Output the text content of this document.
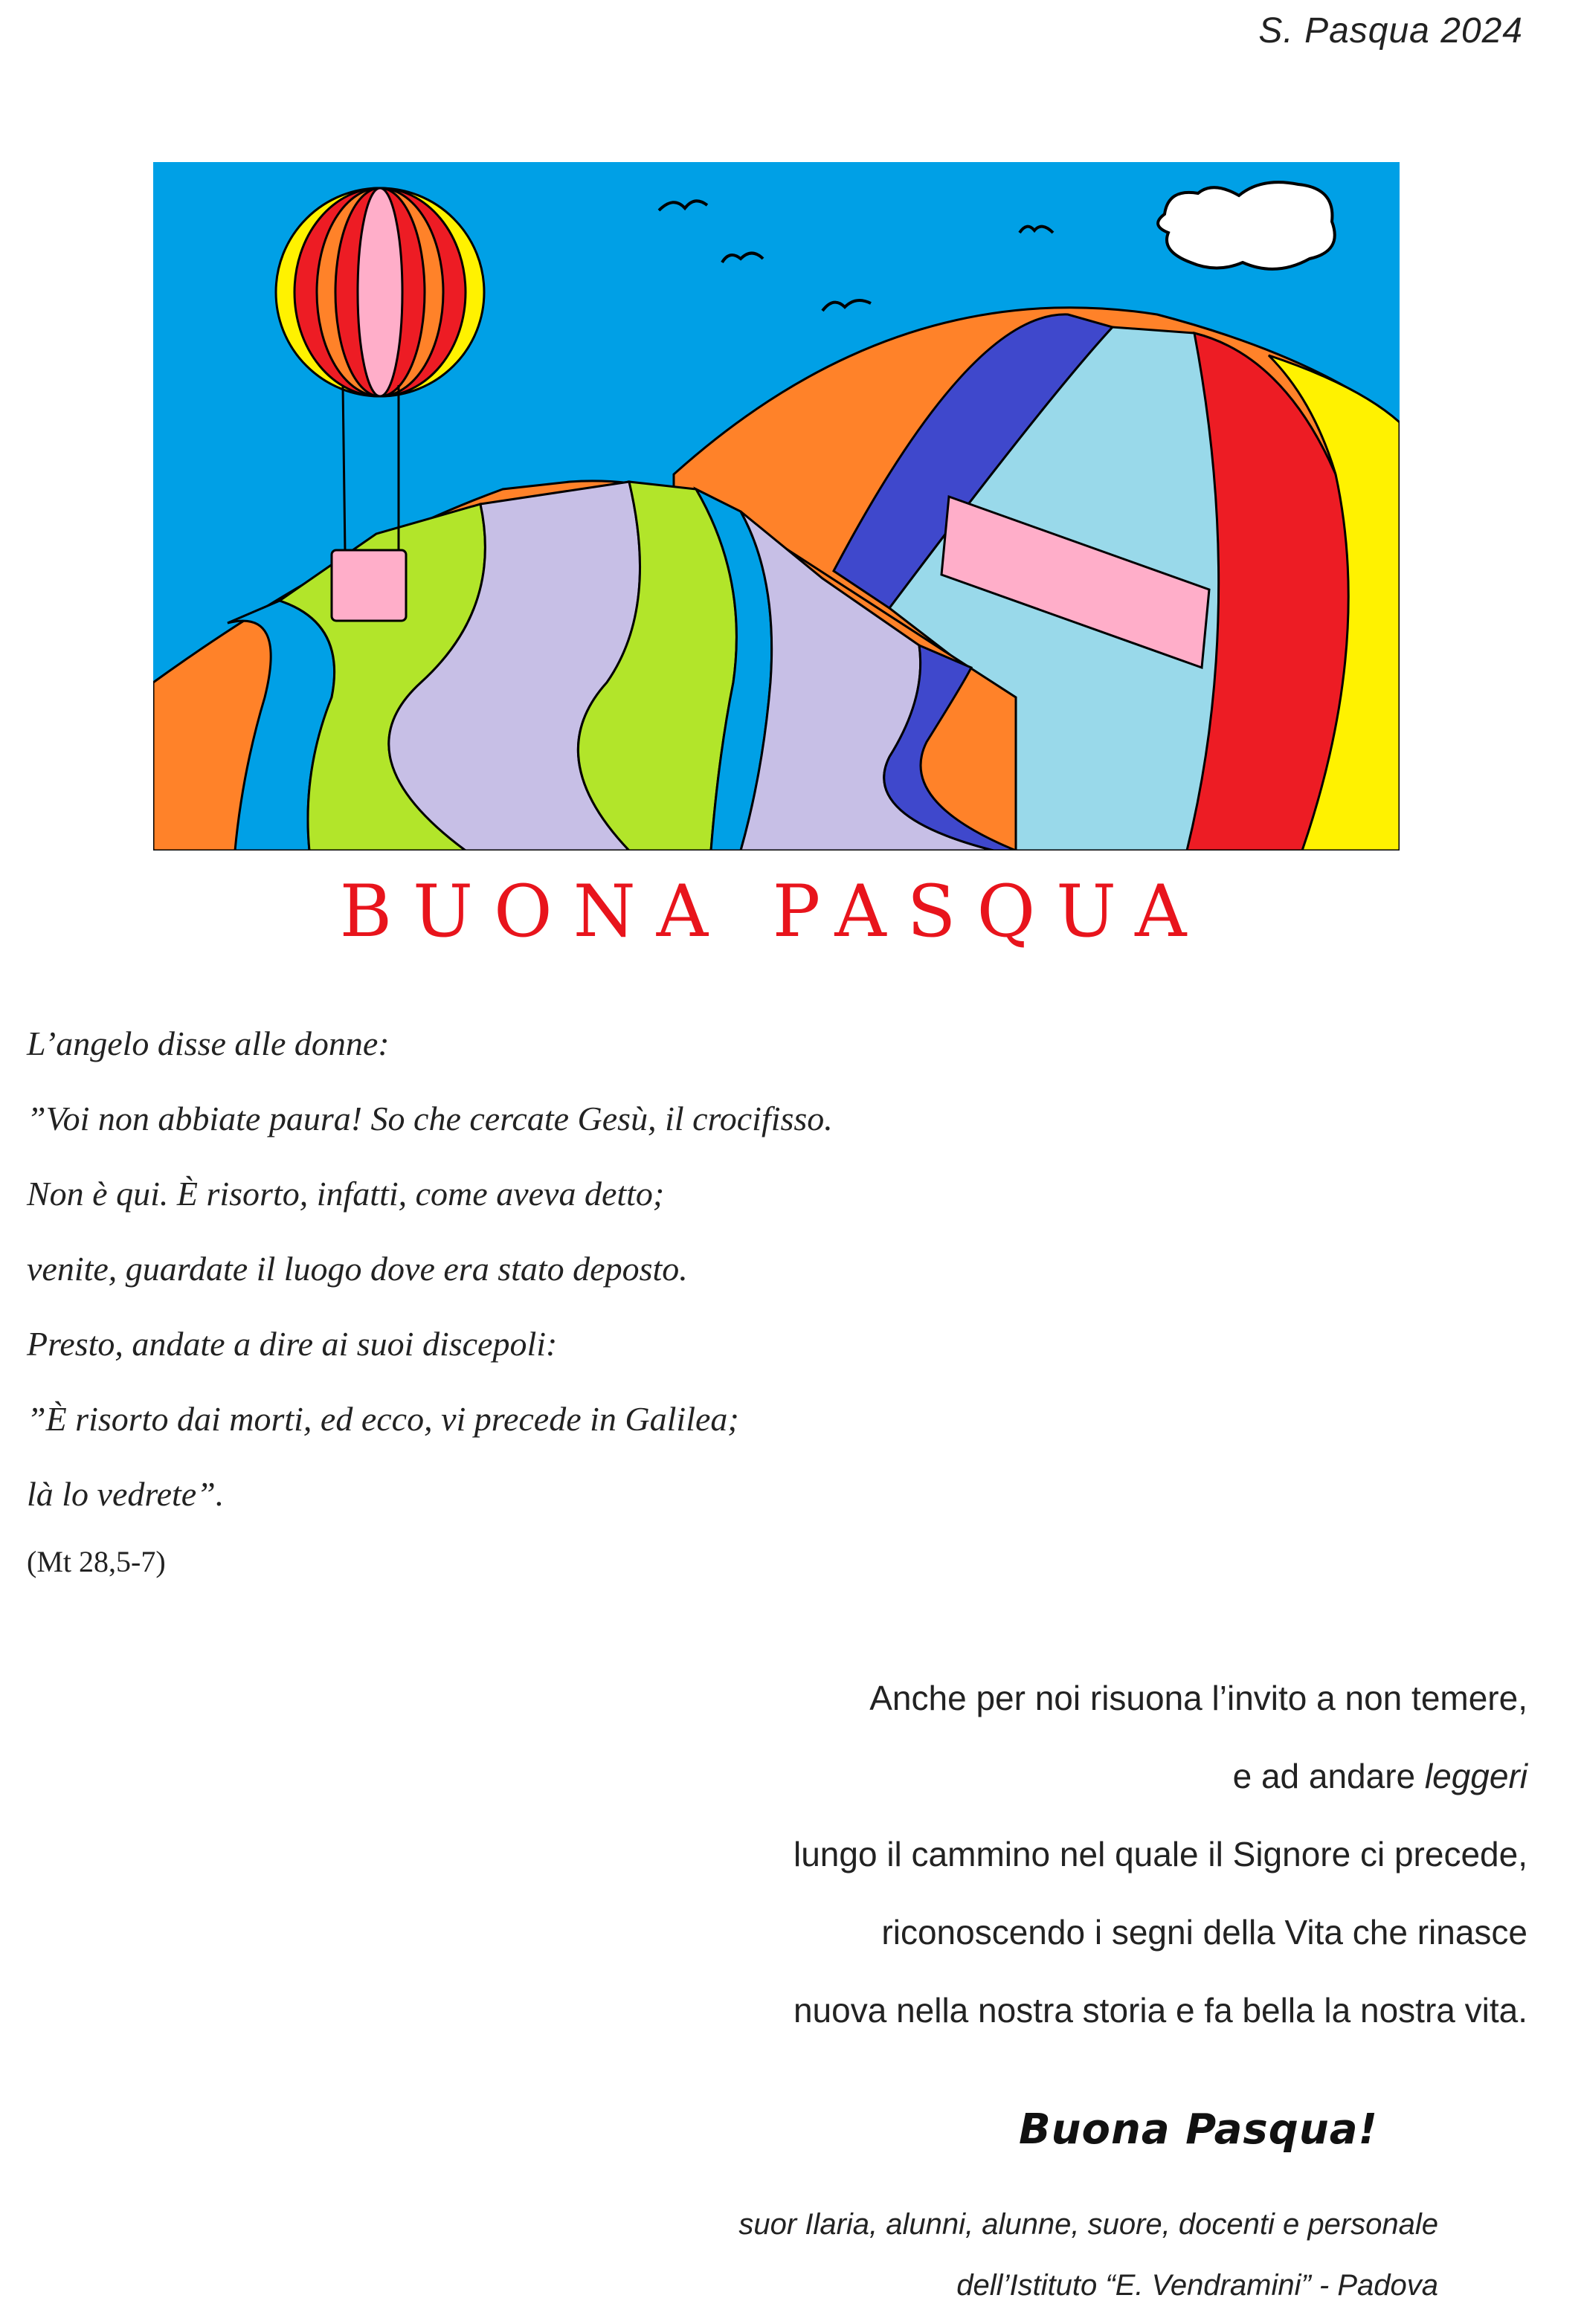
S. Pasqua 2024
BUONA PASQUA
L’angelo disse alle donne:
”Voi non abbiate paura! So che cercate Gesù, il crocifisso.
Non è qui. È risorto, infatti, come aveva detto;
venite, guardate il luogo dove era stato deposto.
Presto, andate a dire ai suoi discepoli:
”È risorto dai morti, ed ecco, vi precede in Galilea;
là lo vedrete”.
(Mt 28,5-7)
Anche per noi risuona l’invito a non temere,
e ad andare leggeri
lungo il cammino nel quale il Signore ci precede,
riconoscendo i segni della Vita che rinasce
nuova nella nostra storia e fa bella la nostra vita.
Buona Pasqua!
suor Ilaria, alunni, alunne, suore, docenti e personale
dell’Istituto “E. Vendramini” - Padova
